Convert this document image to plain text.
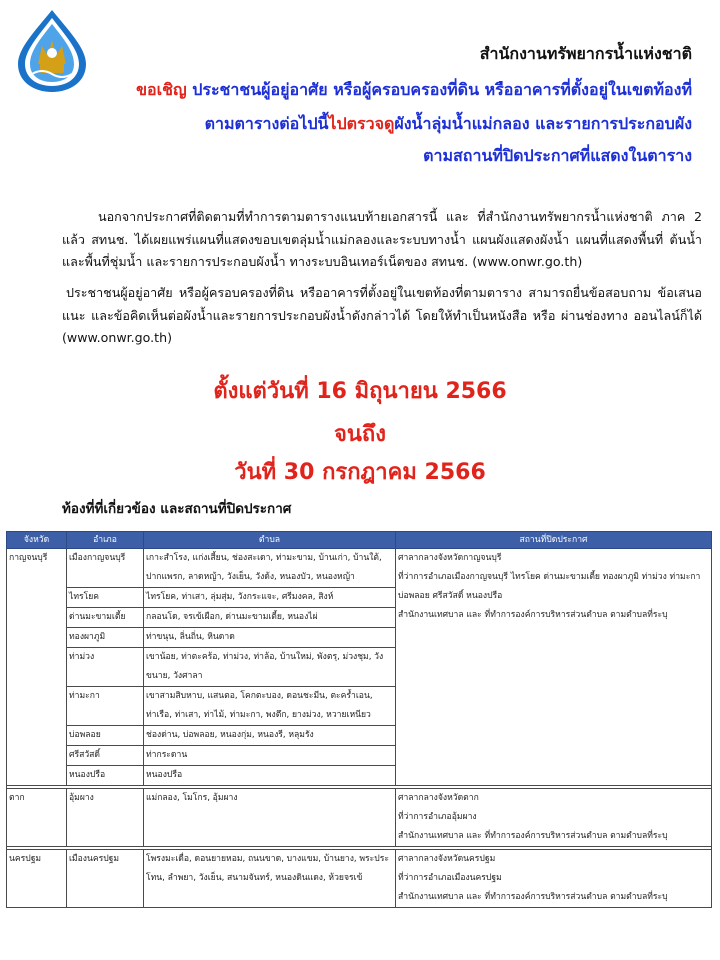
สำนักงานทรัพยากรน้ำแห่งชาติ
ขอเชิญ ประชาชนผู้อยู่อาศัย หรือผู้ครอบครองที่ดิน หรืออาคารที่ตั้งอยู่ในเขตท้องที่
ตามตารางต่อไปนี้ไปตรวจดูผังน้ำลุ่มน้ำแม่กลอง และรายการประกอบผัง
ตามสถานที่ปิดประกาศที่แสดงในตาราง

นอกจากประกาศที่ติดตามที่ทำการตามตารางแนบท้ายเอกสารนี้ และ ที่สำนักงานทรัพยากรน้ำแห่งชาติ ภาค 2 แล้ว สทนช. ได้เผยแพร่แผนที่แสดงขอบเขตลุ่มน้ำแม่กลองและระบบทางน้ำ แผนผังแสดงผังน้ำ แผนที่แสดงพื้นที่ ต้นน้ำและพื้นที่ชุ่มน้ำ และรายการประกอบผังน้ำ ทางระบบอินเทอร์เน็ตของ สทนช. (www.onwr.go.th)

ประชาชนผู้อยู่อาศัย หรือผู้ครอบครองที่ดิน หรืออาคารที่ตั้งอยู่ในเขตท้องที่ตามตาราง สามารถยื่นข้อสอบถาม ข้อเสนอแนะ และข้อคิดเห็นต่อผังน้ำและรายการประกอบผังน้ำดังกล่าวได้ โดยให้ทำเป็นหนังสือ หรือ ผ่านช่องทาง ออนไลน์ก็ได้ (www.onwr.go.th)

ตั้งแต่วันที่ 16 มิถุนายน 2566
จนถึง
วันที่ 30 กรกฎาคม 2566
ท้องที่ที่เกี่ยวข้อง และสถานที่ปิดประกาศ
จังหวัด	อำเภอ	ตำบล	สถานที่ปิดประกาศ
กาญจนบุรี	เมืองกาญจนบุรี	เกาะสำโรง, แก่งเสี้ยน, ช่องสะเดา, ท่ามะขาม, บ้านเก่า, บ้านใต้, ปากแพรก, ลาดหญ้า, วังเย็น, วังด้ง, หนองบัว, หนองหญ้า	ศาลากลางจังหวัดกาญจนบุรี
ที่ว่าการอำเภอเมืองกาญจนบุรี ไทรโยค ด่านมะขามเตี้ย ทองผาภูมิ ท่าม่วง ท่ามะกา บ่อพลอย ศรีสวัสดิ์ หนองปรือ
สำนักงานเทศบาล และ ที่ทำการองค์การบริหารส่วนตำบล ตามตำบลที่ระบุ

	ไทรโยค	ไทรโยค, ท่าเสา, ลุ่มสุ่ม, วังกระแจะ, ศรีมงคล, สิงห์	
	ด่านมะขามเตี้ย	กลอนโด, จรเข้เผือก, ด่านมะขามเตี้ย, หนองไผ่	
	ทองผาภูมิ	ท่าขนุน, ลิ่นถิ่น, หินดาด	
	ท่าม่วง	เขาน้อย, ท่าตะคร้อ, ท่าม่วง, ท่าล้อ, บ้านใหม่, พังตรุ, ม่วงชุม, วังขนาย, วังศาลา	
	ท่ามะกา	เขาสามสิบหาบ, แสนตอ, โคกตะบอง, ดอนชะมีน, ตะคร้ำเอน, ท่าเรือ, ท่าเสา, ท่าไม้, ท่ามะกา, พงตึก, ยางม่วง, หวายเหนียว	
	บ่อพลอย	ช่องด่าน, บ่อพลอย, หนองกุ่ม, หนองรี, หลุมรัง	
	ศรีสวัสดิ์	ท่ากระดาน	
	หนองปรือ	หนองปรือ	

ตาก	อุ้มผาง	แม่กลอง, โมโกร, อุ้มผาง	ศาลากลางจังหวัดตาก
ที่ว่าการอำเภออุ้มผาง
สำนักงานเทศบาล และ ที่ทำการองค์การบริหารส่วนตำบล ตามตำบลที่ระบุ

นครปฐม	เมืองนครปฐม	โพรงมะเดื่อ, ดอนยายหอม, ถนนขาด, บางแขม, บ้านยาง, พระประโทน, ลำพยา, วังเย็น, สนามจันทร์, หนองดินแดง, ห้วยจรเข้	ศาลากลางจังหวัดนครปฐม
ที่ว่าการอำเภอเมืองนครปฐม
สำนักงานเทศบาล และ ที่ทำการองค์การบริหารส่วนตำบล ตามตำบลที่ระบุ
